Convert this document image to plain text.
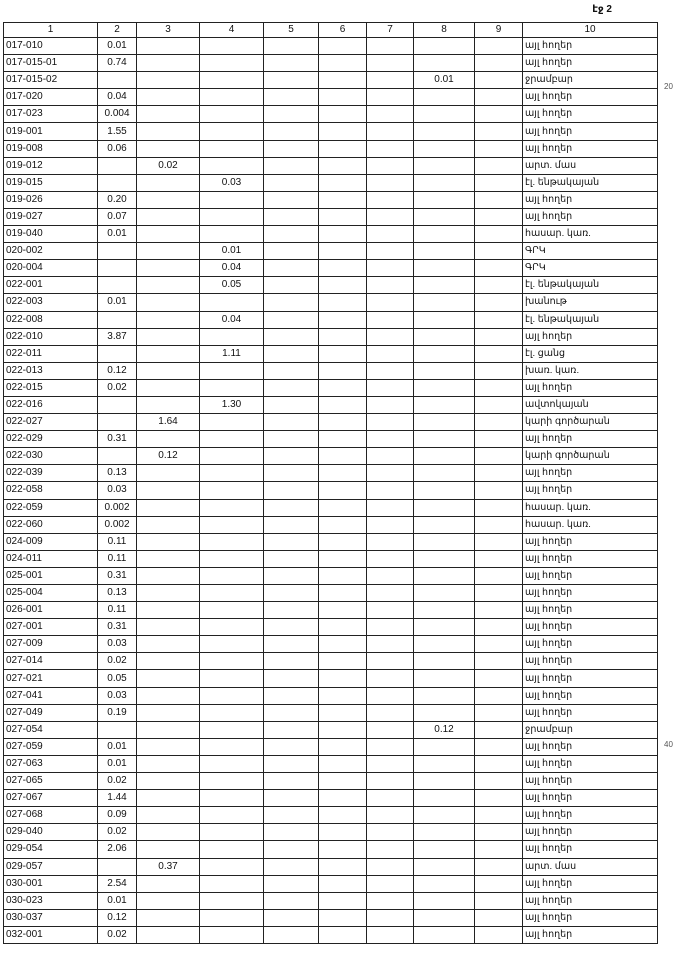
էջ 2
20
40
1	2	3	4	5	6	7	8	9	10
017-010	0.01								այլ հողեր
017-015-01	0.74								այլ հողեր
017-015-02							0.01		ջրամբար
017-020	0.04								այլ հողեր
017-023	0.004								այլ հողեր
019-001	1.55								այլ հողեր
019-008	0.06								այլ հողեր
019-012		0.02							արտ. մաս
019-015			0.03						էլ. ենթակայան
019-026	0.20								այլ հողեր
019-027	0.07								այլ հողեր
019-040	0.01								հասար. կառ.
020-002			0.01						ԳՐԿ
020-004			0.04						ԳՐԿ
022-001			0.05						էլ. ենթակայան
022-003	0.01								խանութ
022-008			0.04						էլ. ենթակայան
022-010	3.87								այլ հողեր
022-011			1.11						էլ. ցանց
022-013	0.12								խառ. կառ.
022-015	0.02								այլ հողեր
022-016			1.30						ավտոկայան
022-027		1.64							կարի գործարան
022-029	0.31								այլ հողեր
022-030		0.12							կարի գործարան
022-039	0.13								այլ հողեր
022-058	0.03								այլ հողեր
022-059	0.002								հասար. կառ.
022-060	0.002								հասար. կառ.
024-009	0.11								այլ հողեր
024-011	0.11								այլ հողեր
025-001	0.31								այլ հողեր
025-004	0.13								այլ հողեր
026-001	0.11								այլ հողեր
027-001	0.31								այլ հողեր
027-009	0.03								այլ հողեր
027-014	0.02								այլ հողեր
027-021	0.05								այլ հողեր
027-041	0.03								այլ հողեր
027-049	0.19								այլ հողեր
027-054							0.12		ջրամբար
027-059	0.01								այլ հողեր
027-063	0.01								այլ հողեր
027-065	0.02								այլ հողեր
027-067	1.44								այլ հողեր
027-068	0.09								այլ հողեր
029-040	0.02								այլ հողեր
029-054	2.06								այլ հողեր
029-057		0.37							արտ. մաս
030-001	2.54								այլ հողեր
030-023	0.01								այլ հողեր
030-037	0.12								այլ հողեր
032-001	0.02								այլ հողեր
